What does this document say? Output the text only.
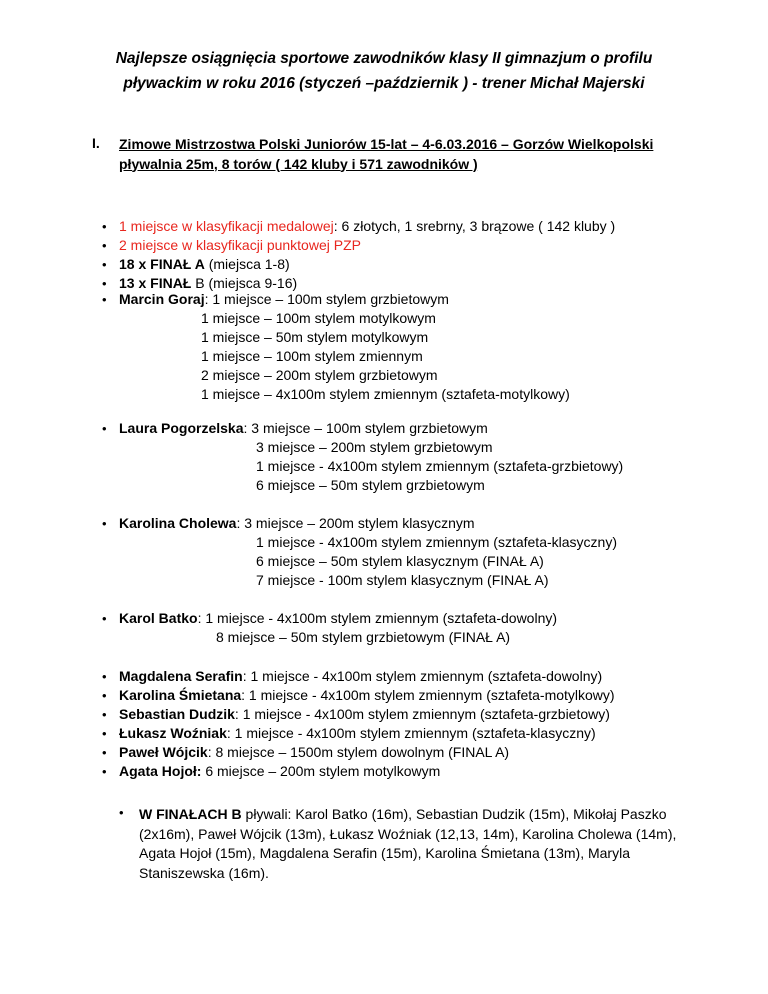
Najlepsze osiągnięcia sportowe zawodników klasy II gimnazjum o profilu
pływackim w roku 2016 (styczeń –październik ) - trener Michał Majerski
I. Zimowe Mistrzostwa Polski Juniorów 15-lat – 4-6.03.2016 – Gorzów Wielkopolski
pływalnia 25m, 8 torów ( 142 kluby i 571 zawodników )
• 1 miejsce w klasyfikacji medalowej: 6 złotych, 1 srebrny, 3 brązowe ( 142 kluby )
• 2 miejsce w klasyfikacji punktowej PZP
• 18 x FINAŁ A (miejsca 1-8)
• 13 x FINAŁ B (miejsca 9-16)
• Marcin Goraj: 1 miejsce – 100m stylem grzbietowym
1 miejsce – 100m stylem motylkowym
1 miejsce – 50m stylem motylkowym
1 miejsce – 100m stylem zmiennym
2 miejsce – 200m stylem grzbietowym
1 miejsce – 4x100m stylem zmiennym (sztafeta-motylkowy)
• Laura Pogorzelska: 3 miejsce – 100m stylem grzbietowym
3 miejsce – 200m stylem grzbietowym
1 miejsce - 4x100m stylem zmiennym (sztafeta-grzbietowy)
6 miejsce – 50m stylem grzbietowym
• Karolina Cholewa: 3 miejsce – 200m stylem klasycznym
1 miejsce - 4x100m stylem zmiennym (sztafeta-klasyczny)
6 miejsce – 50m stylem klasycznym (FINAŁ A)
7 miejsce - 100m stylem klasycznym (FINAŁ A)
• Karol Batko: 1 miejsce - 4x100m stylem zmiennym (sztafeta-dowolny)
8 miejsce – 50m stylem grzbietowym (FINAŁ A)
• Magdalena Serafin: 1 miejsce - 4x100m stylem zmiennym (sztafeta-dowolny)
• Karolina Śmietana: 1 miejsce - 4x100m stylem zmiennym (sztafeta-motylkowy)
• Sebastian Dudzik: 1 miejsce - 4x100m stylem zmiennym (sztafeta-grzbietowy)
• Łukasz Woźniak: 1 miejsce - 4x100m stylem zmiennym (sztafeta-klasyczny)
• Paweł Wójcik: 8 miejsce – 1500m stylem dowolnym (FINAL A)
• Agata Hojoł: 6 miejsce – 200m stylem motylkowym
W FINAŁACH B pływali: Karol Batko (16m), Sebastian Dudzik (15m), Mikołaj Paszko (2x16m), Paweł Wójcik (13m), Łukasz Woźniak (12,13, 14m), Karolina Cholewa (14m), Agata Hojoł (15m), Magdalena Serafin (15m), Karolina Śmietana (13m), Maryla Staniszewska (16m).
